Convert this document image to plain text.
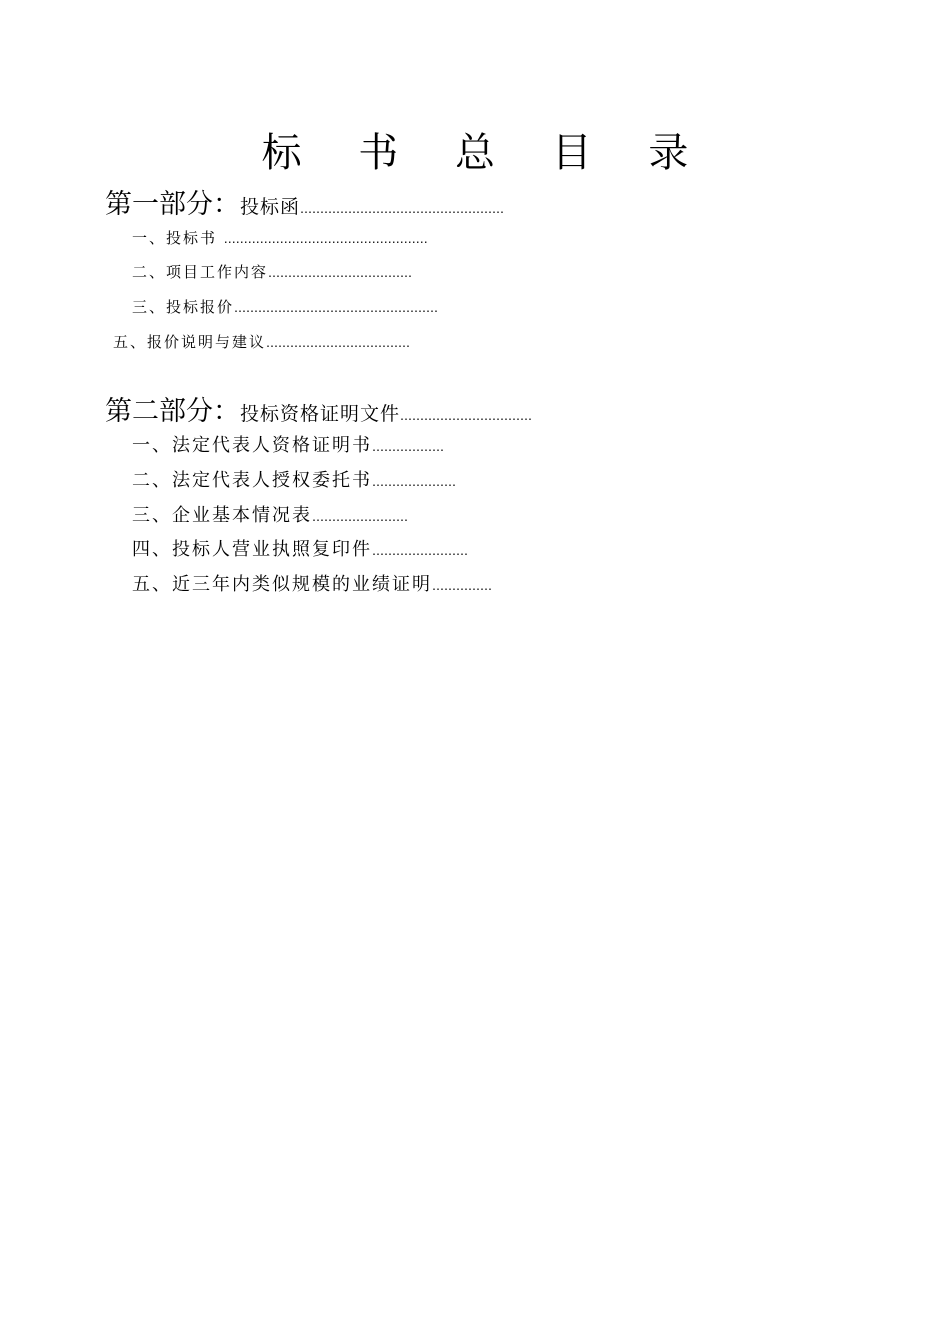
标 书 总 目 录
第一部分：投标函……………………………………………
一、投标书 ……………………………………………
二、项目工作内容………………………………
三、投标报价……………………………………………
五、报价说明与建议………………………………
第二部分：投标资格证明文件……………………………
一、法定代表人资格证明书………………
二、法定代表人授权委托书…………………
三、企业基本情况表……………………
四、投标人营业执照复印件……………………
五、近三年内类似规模的业绩证明……………
